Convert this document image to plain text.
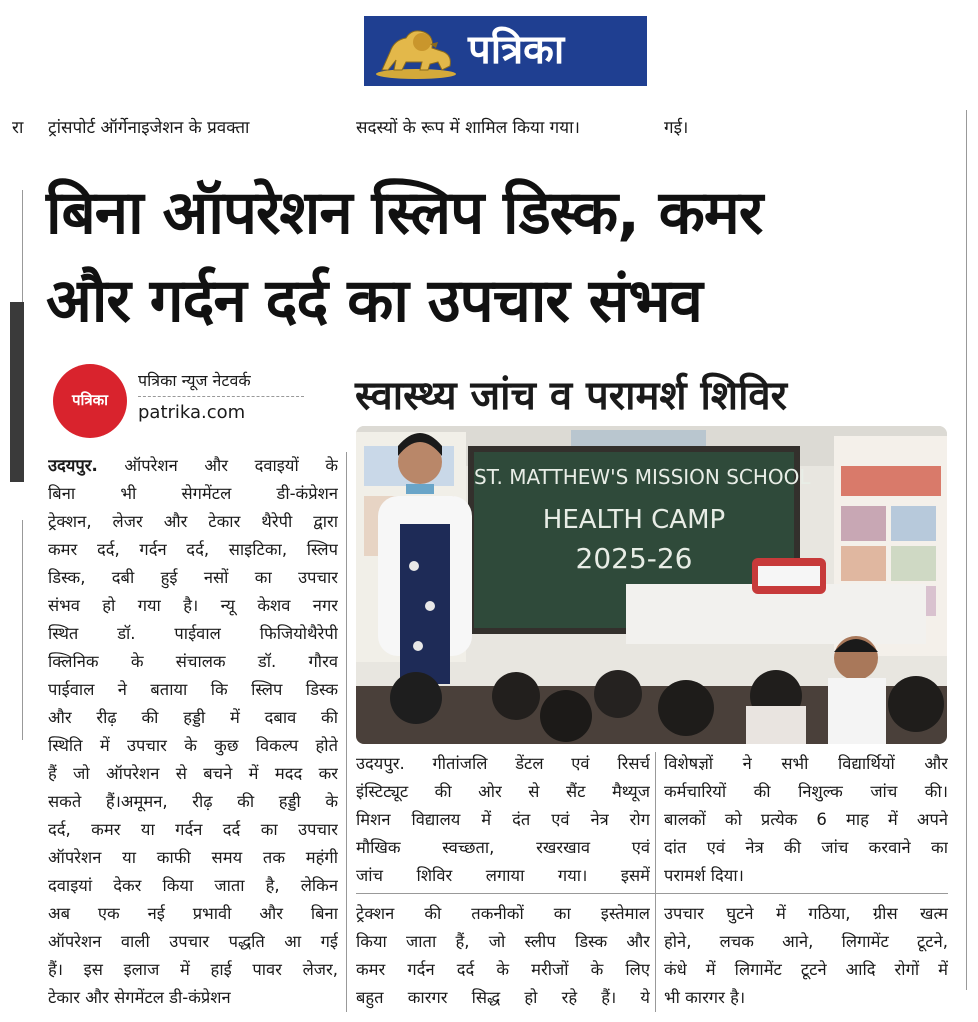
पत्रिका
रा ट्रांसपोर्ट ऑर्गेनाइजेशन के प्रवक्ता	सदस्यों के रूप में शामिल किया गया।	गई।
बिना ऑपरेशन स्लिप डिस्क, कमर
और गर्दन दर्द का उपचार संभव
पत्रिका
पत्रिका न्यूज नेटवर्क
patrika.com
उदयपुर. ऑपरेशन और दवाइयों के
बिना भी सेगमेंटल डी-कंप्रेशन
ट्रेक्शन, लेजर और टेकार थैरेपी द्वारा
कमर दर्द, गर्दन दर्द, साइटिका, स्लिप
डिस्क, दबी हुई नसों का उपचार
संभव हो गया है। न्यू केशव नगर
स्थित डॉ. पाईवाल फिजियोथैरेपी
क्लिनिक के संचालक डॉ. गौरव
पाईवाल ने बताया कि स्लिप डिस्क
और रीढ़ की हड्डी में दबाव की
स्थिति में उपचार के कुछ विकल्प होते
हैं जो ऑपरेशन से बचने में मदद कर
सकते हैं।अमूमन, रीढ़ की हड्डी के
दर्द, कमर या गर्दन दर्द का उपचार
ऑपरेशन या काफी समय तक महंगी
दवाइयां देकर किया जाता है, लेकिन
अब एक नई प्रभावी और बिना
ऑपरेशन वाली उपचार पद्धति आ गई
हैं। इस इलाज में हाई पावर लेजर,
टेकार और सेगमेंटल डी-कंप्रेशन
स्वास्थ्य जांच व परामर्श शिविर
ST. MATTHEW'S MISSION SCHOOL
HEALTH CAMP
2025-26
उदयपुर. गीतांजलि डेंटल एवं रिसर्च
इंस्टिट्यूट की ओर से सैंट मैथ्यूज
मिशन विद्यालय में दंत एवं नेत्र रोग
मौखिक स्वच्छता, रखरखाव एवं
जांच शिविर लगाया गया। इसमें
विशेषज्ञों ने सभी विद्यार्थियों और
कर्मचारियों की निशुल्क जांच की।
बालकों को प्रत्येक 6 माह में अपने
दांत एवं नेत्र की जांच करवाने का
परामर्श दिया।
ट्रेक्शन की तकनीकों का इस्तेमाल
किया जाता हैं, जो स्लीप डिस्क और
कमर गर्दन दर्द के मरीजों के लिए
बहुत कारगर सिद्ध हो रहे हैं। ये
उपचार घुटने में गठिया, ग्रीस खत्म
होने, लचक आने, लिगामेंट टूटने,
कंधे में लिगामेंट टूटने आदि रोगों में
भी कारगर है।
